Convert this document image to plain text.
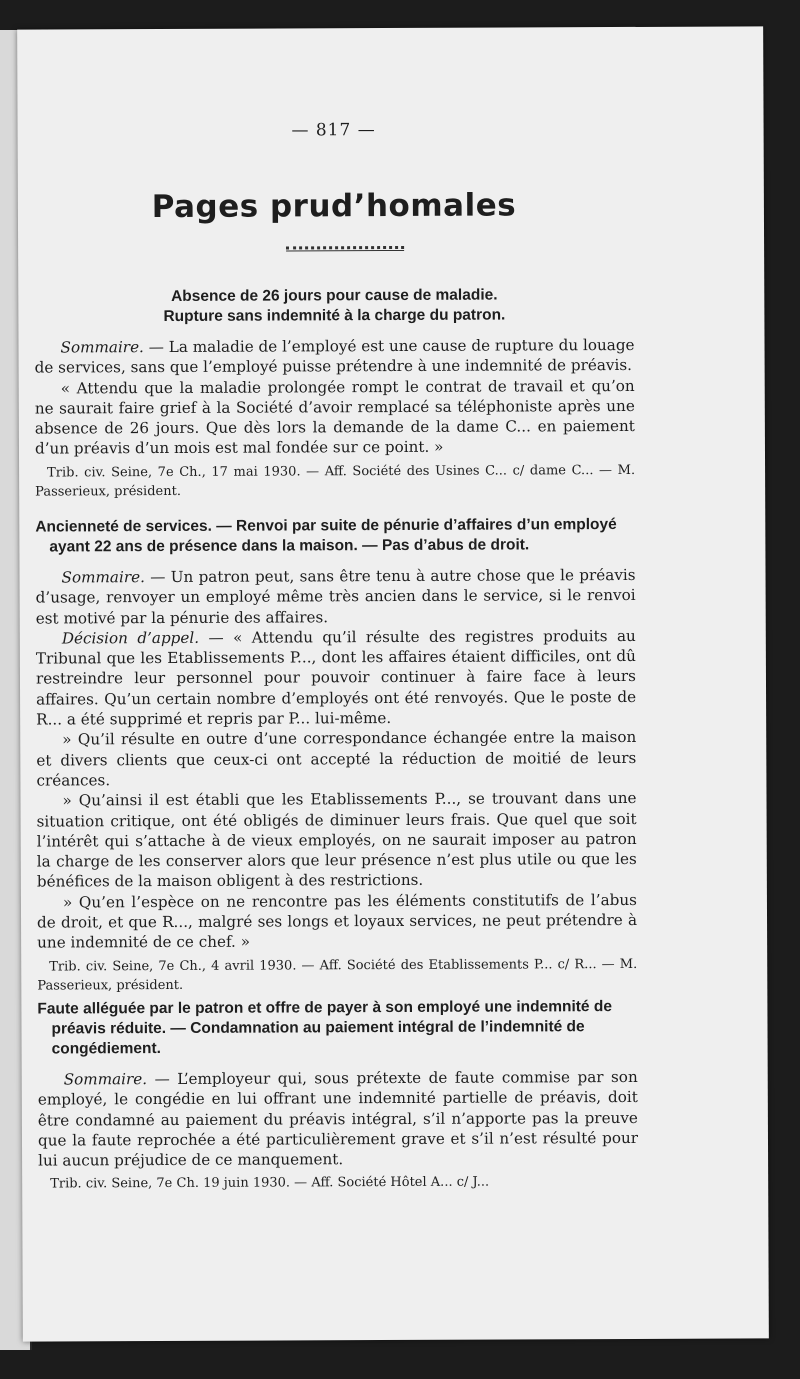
— 817 —
Pages prud’homales

Absence de 26 jours pour cause de maladie.

Rupture sans indemnité à la charge du patron.

Sommaire. — La maladie de l’employé est une cause de rupture du louage de services, sans que l’employé puisse prétendre à une indemnité de préavis.

« Attendu que la maladie prolongée rompt le contrat de travail et qu’on ne saurait faire grief à la Société d’avoir remplacé sa téléphoniste après une absence de 26 jours. Que dès lors la demande de la dame C... en paiement d’un préavis d’un mois est mal fondée sur ce point. »

Trib. civ. Seine, 7e Ch., 17 mai 1930. — Aff. Société des Usines C... c/ dame C... — M. Passerieux, président.

Ancienneté de services. — Renvoi par suite de pénurie d’affaires d’un employé ayant 22 ans de présence dans la maison. — Pas d’abus de droit.

Sommaire. — Un patron peut, sans être tenu à autre chose que le préavis d’usage, renvoyer un employé même très ancien dans le service, si le renvoi est motivé par la pénurie des affaires.

Décision d’appel. — « Attendu qu’il résulte des registres produits au Tribunal que les Etablissements P..., dont les affaires étaient difficiles, ont dû restreindre leur personnel pour pouvoir continuer à faire face à leurs affaires. Qu’un certain nombre d’employés ont été renvoyés. Que le poste de R... a été supprimé et repris par P... lui-même.

» Qu’il résulte en outre d’une correspondance échangée entre la maison et divers clients que ceux-ci ont accepté la réduction de moitié de leurs créances.

» Qu’ainsi il est établi que les Etablissements P..., se trouvant dans une situation critique, ont été obligés de diminuer leurs frais. Que quel que soit l’intérêt qui s’attache à de vieux employés, on ne saurait imposer au patron la charge de les conserver alors que leur présence n’est plus utile ou que les bénéfices de la maison obligent à des restrictions.

» Qu’en l’espèce on ne rencontre pas les éléments constitutifs de l’abus de droit, et que R..., malgré ses longs et loyaux services, ne peut prétendre à une indemnité de ce chef. »

Trib. civ. Seine, 7e Ch., 4 avril 1930. — Aff. Société des Etablissements P... c/ R... — M. Passerieux, président.

Faute alléguée par le patron et offre de payer à son employé une indemnité de préavis réduite. — Condamnation au paiement intégral de l’indemnité de congédiement.

Sommaire. — L’employeur qui, sous prétexte de faute commise par son employé, le congédie en lui offrant une indemnité partielle de préavis, doit être condamné au paiement du préavis intégral, s’il n’apporte pas la preuve que la faute reprochée a été particulièrement grave et s’il n’est résulté pour lui aucun préjudice de ce manquement.

Trib. civ. Seine, 7e Ch. 19 juin 1930. — Aff. Société Hôtel A... c/ J...
